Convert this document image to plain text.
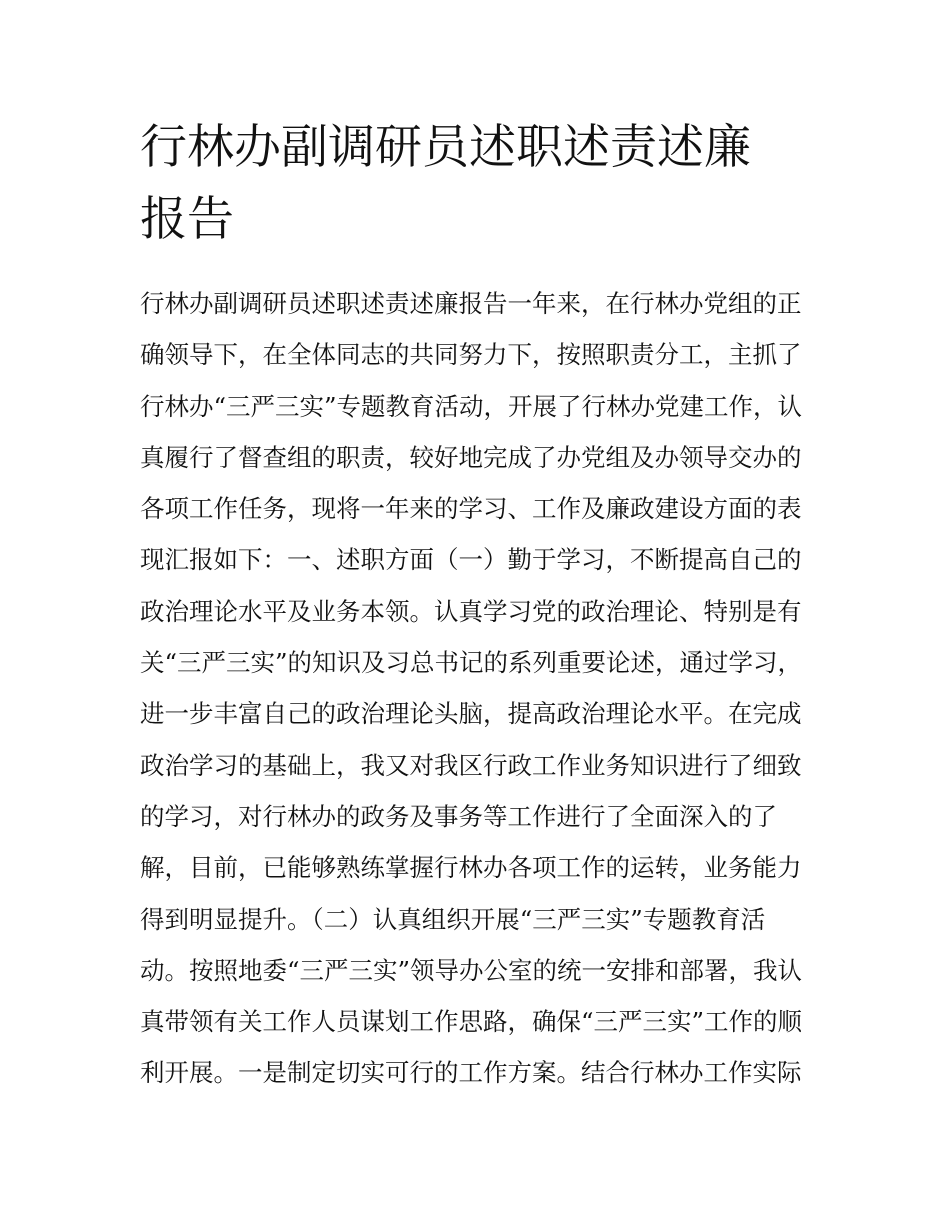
行林办副调研员述职述责述廉
报告
行林办副调研员述职述责述廉报告一年来，在行林办党组的正
确领导下，在全体同志的共同努力下，按照职责分工，主抓了
行林办“三严三实”专题教育活动，开展了行林办党建工作，认
真履行了督查组的职责，较好地完成了办党组及办领导交办的
各项工作任务，现将一年来的学习、工作及廉政建设方面的表
现汇报如下：一、述职方面（一）勤于学习，不断提高自己的
政治理论水平及业务本领。认真学习党的政治理论、特别是有
关“三严三实”的知识及习总书记的系列重要论述，通过学习，
进一步丰富自己的政治理论头脑，提高政治理论水平。在完成
政治学习的基础上，我又对我区行政工作业务知识进行了细致
的学习，对行林办的政务及事务等工作进行了全面深入的了
解，目前，已能够熟练掌握行林办各项工作的运转，业务能力
得到明显提升。（二）认真组织开展“三严三实”专题教育活
动。按照地委“三严三实”领导办公室的统一安排和部署，我认
真带领有关工作人员谋划工作思路，确保“三严三实”工作的顺
利开展。一是制定切实可行的工作方案。结合行林办工作实际
